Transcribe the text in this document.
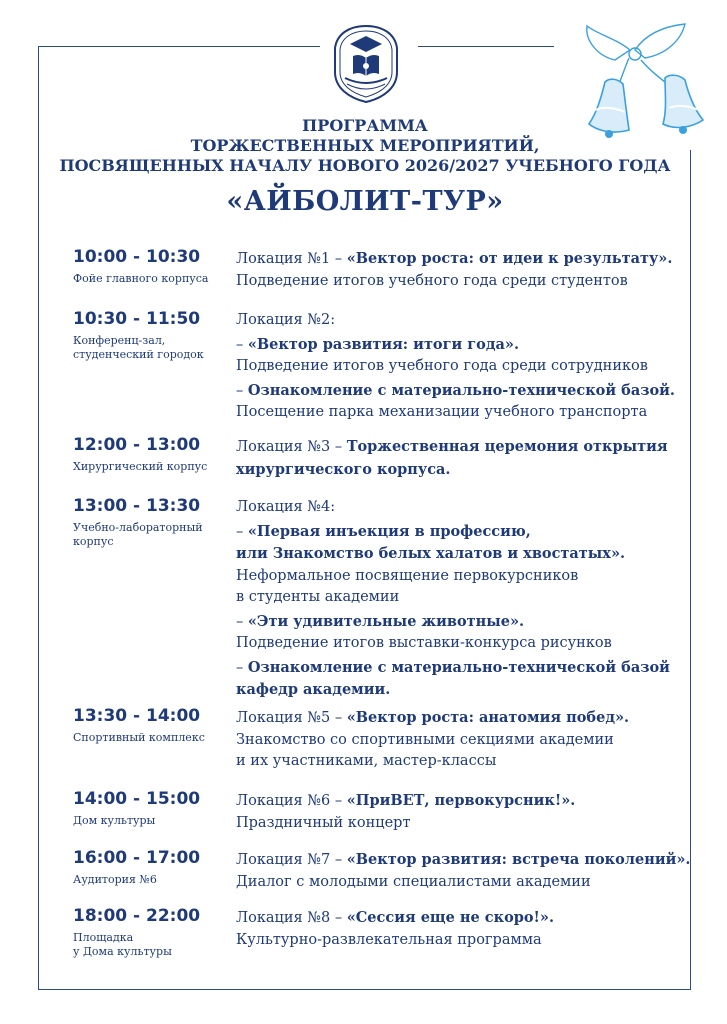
ПРОГРАММА
ТОРЖЕСТВЕННЫХ МЕРОПРИЯТИЙ,
ПОСВЯЩЕННЫХ НАЧАЛУ НОВОГО 2026/2027 УЧЕБНОГО ГОДА
«АЙБОЛИТ-ТУР»
10:00 - 10:30
Фойе главного корпуса
Локация №1 – «Вектор роста: от идеи к результату».
Подведение итогов учебного года среди студентов
10:30 - 11:50
Конференц-зал,
студенческий городок
Локация №2:
– «Вектор развития: итоги года».
Подведение итогов учебного года среди сотрудников
– Ознакомление с материально-технической базой.
Посещение парка механизации учебного транспорта
12:00 - 13:00
Хирургический корпус
Локация №3 – Торжественная церемония открытия
хирургического корпуса.
13:00 - 13:30
Учебно-лабораторный
корпус
Локация №4:
– «Первая инъекция в профессию,
или Знакомство белых халатов и хвостатых».
Неформальное посвящение первокурсников
в студенты академии
– «Эти удивительные животные».
Подведение итогов выставки-конкурса рисунков
– Ознакомление с материально-технической базой
кафедр академии.
13:30 - 14:00
Спортивный комплекс
Локация №5 – «Вектор роста: анатомия побед».
Знакомство со спортивными секциями академии
и их участниками, мастер-классы
14:00 - 15:00
Дом культуры
Локация №6 – «ПриВЕТ, первокурсник!».
Праздничный концерт
16:00 - 17:00
Аудитория №6
Локация №7 – «Вектор развития: встреча поколений».
Диалог с молодыми специалистами академии
18:00 - 22:00
Площадка
у Дома культуры
Локация №8 – «Сессия еще не скоро!».
Культурно-развлекательная программа
